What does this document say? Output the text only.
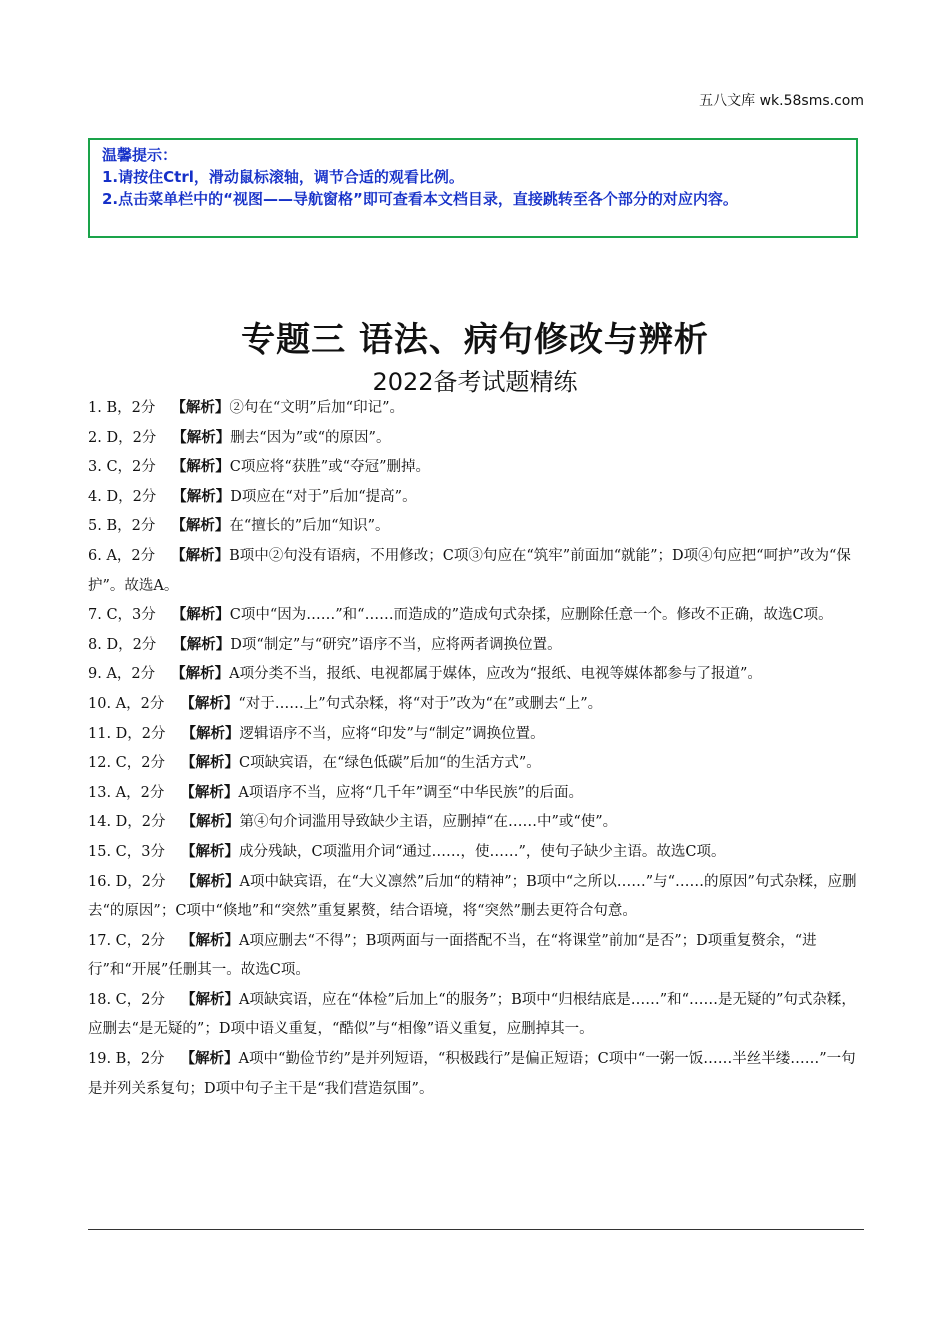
五八文库 wk.58sms.com

温馨提示：

1.请按住Ctrl，滑动鼠标滚轴，调节合适的观看比例。

2.点击菜单栏中的“视图——导航窗格”即可查看本文档目录，直接跳转至各个部分的对应内容。

专题三 语法、病句修改与辨析
2022备考试题精练

1. B，2分 【解析】②句在“文明”后加“印记”。

2. D，2分 【解析】删去“因为”或“的原因”。

3. C，2分 【解析】C项应将“获胜”或“夺冠”删掉。

4. D，2分 【解析】D项应在“对于”后加“提高”。

5. B，2分 【解析】在“擅长的”后加“知识”。

6. A，2分 【解析】B项中②句没有语病，不用修改；C项③句应在“筑牢”前面加“就能”；D项④句应把“呵护”改为“保护”。故选A。

7. C，3分 【解析】C项中“因为……”和“……而造成的”造成句式杂揉，应删除任意一个。修改不正确，故选C项。

8. D，2分 【解析】D项“制定”与“研究”语序不当，应将两者调换位置。

9. A，2分 【解析】A项分类不当，报纸、电视都属于媒体，应改为“报纸、电视等媒体都参与了报道”。

10. A，2分 【解析】“对于……上”句式杂糅，将“对于”改为“在”或删去“上”。

11. D，2分 【解析】逻辑语序不当，应将“印发”与“制定”调换位置。

12. C，2分 【解析】C项缺宾语，在“绿色低碳”后加“的生活方式”。

13. A，2分 【解析】A项语序不当，应将“几千年”调至“中华民族”的后面。

14. D，2分 【解析】第④句介词滥用导致缺少主语，应删掉“在……中”或“使”。

15. C，3分 【解析】成分残缺，C项滥用介词“通过……，使……”，使句子缺少主语。故选C项。

16. D，2分 【解析】A项中缺宾语，在“大义凛然”后加“的精神”；B项中“之所以……”与“……的原因”句式杂糅，应删去“的原因”；C项中“倏地”和“突然”重复累赘，结合语境，将“突然”删去更符合句意。

17. C，2分 【解析】A项应删去“不得”；B项两面与一面搭配不当，在“将课堂”前加“是否”；D项重复赘余，“进行”和“开展”任删其一。故选C项。

18. C，2分 【解析】A项缺宾语，应在“体检”后加上“的服务”；B项中“归根结底是……”和“……是无疑的”句式杂糅，应删去“是无疑的”；D项中语义重复，“酷似”与“相像”语义重复，应删掉其一。

19. B，2分 【解析】A项中“勤俭节约”是并列短语，“积极践行”是偏正短语；C项中“一粥一饭……半丝半缕……”一句是并列关系复句；D项中句子主干是“我们营造氛围”。
